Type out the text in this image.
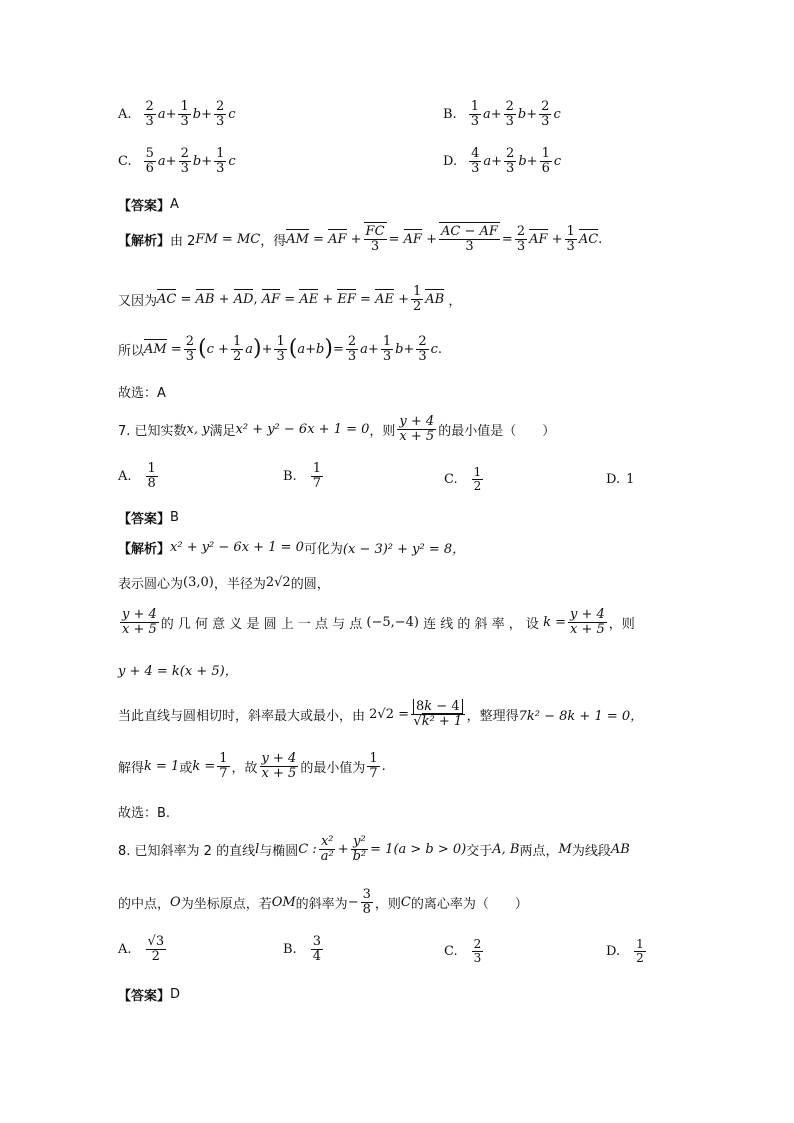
A. $\frac{2}{3}$ $a + \frac{1}{3}$ $b + \frac{2}{3}$ c	B. $\frac{1}{3}$ $a + \frac{2}{3}$ $b + \frac{2}{3}$ c
C. $\frac{5}{6}$ $a + \frac{2}{3}$ $b + \frac{1}{3}$ c	D. $\frac{4}{3}$ $a + \frac{2}{3}$ $b + \frac{1}{6}$ c
【答案】 A
【解析】 由 2 FM = MC ，得 AM = AF + $\frac{FC}{3}$ = AF + $\frac{AC - AF}{3} = \frac{2}{3}$ AF + $\frac{1}{3}$ AC .
又因为 AC = AB + AD , AF = AE + EF = AE + $\frac{1}{2}$ AB
，
所以 AM = $\frac{2}{3}$ ( $c + \frac{1}{2}$ a ) + $\frac{1}{3}$ ( a + b ) = $\frac{2}{3}$ $a + \frac{1}{3}$ $b + \frac{2}{3}$ c .
故选：A
7. 已知实数 x, y 满足 x² + y² − 6x + 1 = 0 ，则 $\frac{y + 4}{x + 5}$ 的最小值是（　　）
A. $\frac{1}{8}$	B. $\frac{1}{7}$	C. $\frac{1}{2}$	D. 1
【答案】 B
【解析】 x² + y² − 6x + 1 = 0 可化为 (x − 3)² + y² = 8，
表示圆心为 (3,0) ，半径为 2√2 的圆，
$\frac{y + 4}{x + 5}$ 的 几 何 意 义 是 圆 上 一 点 与 点
(−5,−4)
连 线 的 斜 率 ， 设
$k = \frac{y + 4}{x + 5}$ ，则
y + 4 = k(x + 5)，
当此直线与圆相切时，斜率最大或最小，由 $2√2 = \frac{8k - 4}{\text{√k² + 1}}$ ，整理得 7k² − 8k + 1 = 0，
解得 k = 1 或 $k = \frac{1}{7}$ ，故 $\frac{y + 4}{x + 5}$ 的最小值为 $\frac{1}{7}$ .
故选：B.
8. 已知斜率为 2 的直线 l 与椭圆 C : $\frac{\text{x²}}{\text{a²}} + \frac{\text{y²}}{\text{b²}} = 1(a > b > 0)$ 交于 A, B 两点， M 为线段 AB
的中点， O 为坐标原点，若 OM 的斜率为 − $\frac{3}{8}$ ，则 C 的离心率为（　　）
A. $\frac{√3}{2}$	B. $\frac{3}{4}$	C. $\frac{2}{3}$	D. $\frac{1}{2}$
【答案】 D
